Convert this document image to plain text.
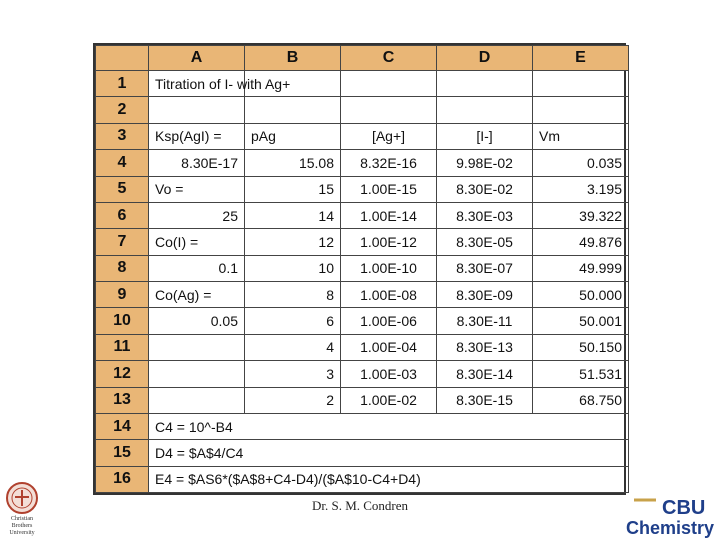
	A	B	C	D	E
1	Titration of I- with Ag+				
2					
3	Ksp(AgI) =	pAg	[Ag+]	[I-]	Vm
4	8.30E-17	15.08	8.32E-16	9.98E-02	0.035
5	Vo =	15	1.00E-15	8.30E-02	3.195
6	25	14	1.00E-14	8.30E-03	39.322
7	Co(I) =	12	1.00E-12	8.30E-05	49.876
8	0.1	10	1.00E-10	8.30E-07	49.999
9	Co(Ag) =	8	1.00E-08	8.30E-09	50.000
10	0.05	6	1.00E-06	8.30E-11	50.001
11		4	1.00E-04	8.30E-13	50.150
12		3	1.00E-03	8.30E-14	51.531
13		2	1.00E-02	8.30E-15	68.750
14	C4 = 10^-B4				
15	D4 = $A$4/C4				
16	E4 = $AS6*($A$8+C4-D4)/($A$10-C4+D4)				
Dr. S. M. Condren
Christian
Brothers
University
CBU
Chemistry
